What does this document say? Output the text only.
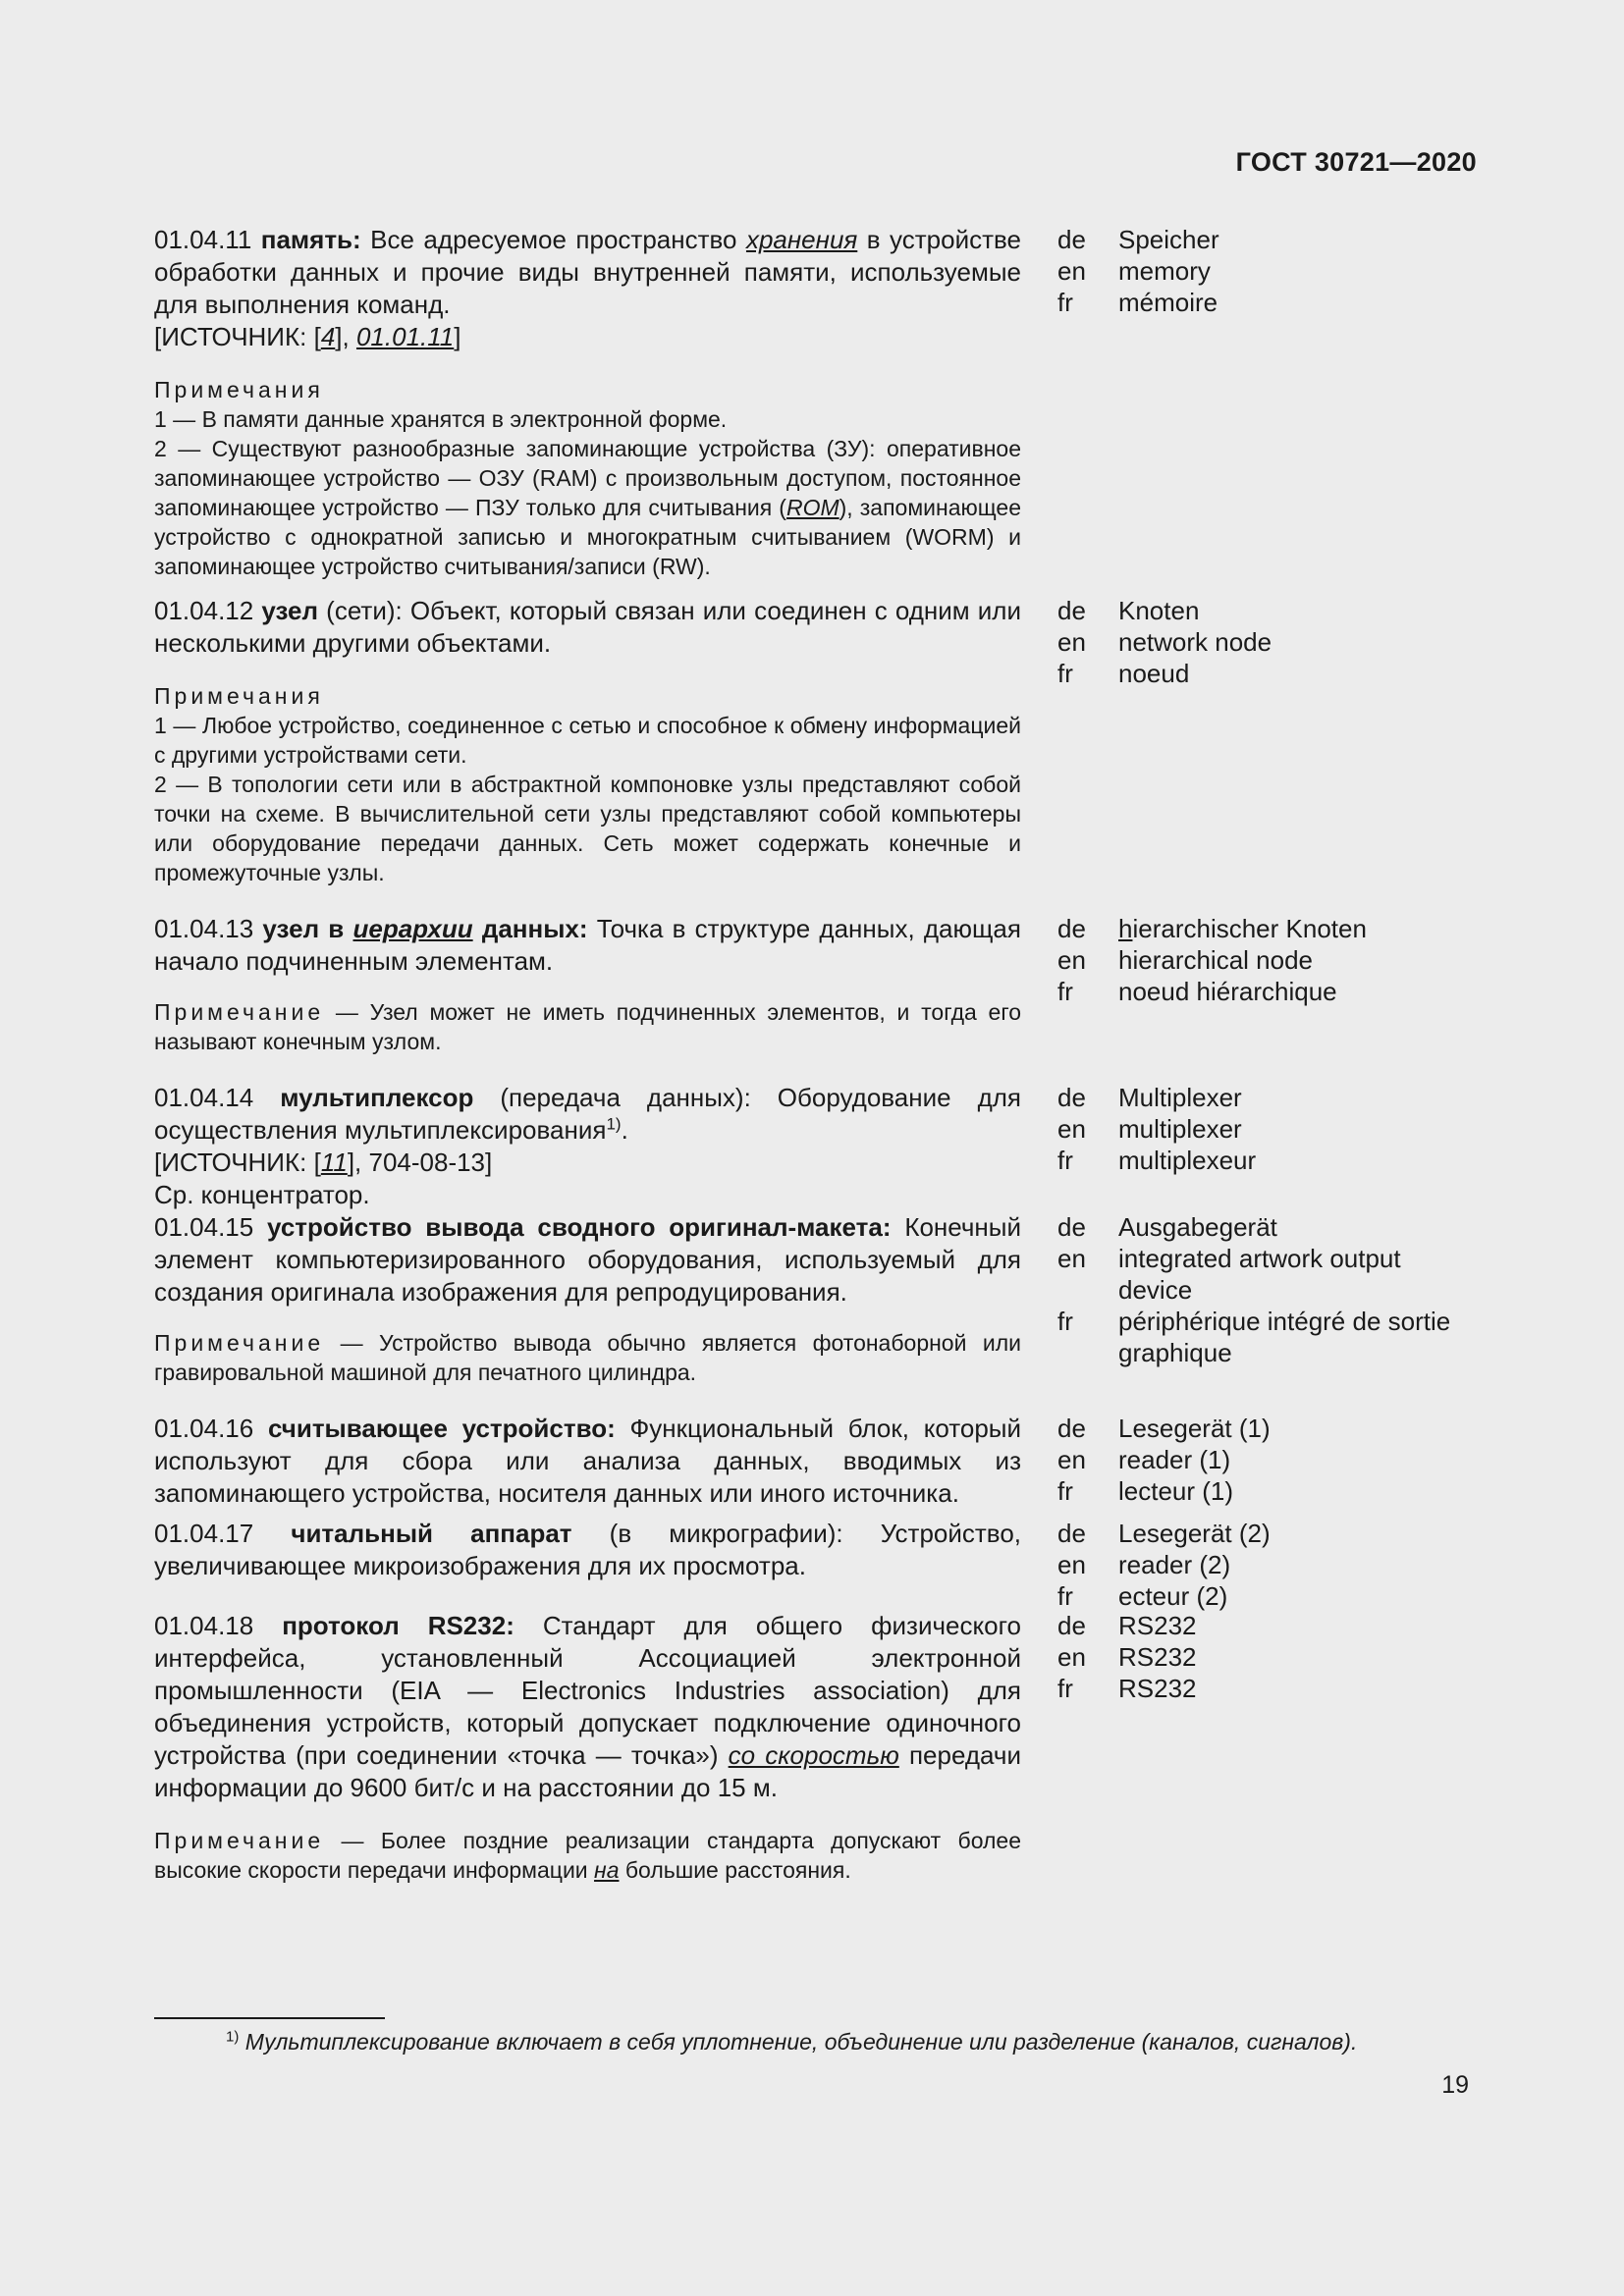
ГОСТ 30721—2020
01.04.11 память: Все адресуемое пространство хранения в устройстве обработки данных и прочие виды внутренней памяти, используемые для выполнения команд.
[ИСТОЧНИК: [4], 01.01.11]
Примечания
1 — В памяти данные хранятся в электронной форме.
2 — Существуют разнообразные запоминающие устройства (ЗУ): оперативное запоминающее устройство — ОЗУ (RAM) с произвольным доступом, постоянное запоминающее устройство — ПЗУ только для считывания (ROM), запоминающее устройство с однократной записью и многократным считыванием (WORM) и запоминающее устройство считывания/записи (RW).
de	Speicher
en	memory
fr	mémoire
01.04.12 узел (сети): Объект, который связан или соединен с одним или несколькими другими объектами.
Примечания
1 — Любое устройство, соединенное с сетью и способное к обмену информацией с другими устройствами сети.
2 — В топологии сети или в абстрактной компоновке узлы представляют собой точки на схеме. В вычислительной сети узлы представляют собой компьютеры или оборудование передачи данных. Сеть может содержать конечные и промежуточные узлы.
de	Knoten
en	network node
fr	noeud
01.04.13 узел в иерархии данных: Точка в структуре данных, дающая начало подчиненным элементам.
Примечание — Узел может не иметь подчиненных элементов, и тогда его называют конечным узлом.
de	hierarchischer Knoten
en	hierarchical node
fr	noeud hiérarchique
01.04.14 мультиплексор (передача данных): Оборудование для осуществления мультиплексирования$^{1)}$.
[ИСТОЧНИК: [11], 704-08-13]
Ср. концентратор.
de	Multiplexer
en	multiplexer
fr	multiplexeur
01.04.15 устройство вывода сводного оригинал-макета: Конечный элемент компьютеризированного оборудования, используемый для создания оригинала изображения для репродуцирования.
Примечание — Устройство вывода обычно является фотонаборной или гравировальной машиной для печатного цилиндра.
de	Ausgabegerät
en	integrated artwork output device
fr	périphérique intégré de sortie graphique
01.04.16 считывающее устройство: Функциональный блок, который используют для сбора или анализа данных, вводимых из запоминающего устройства, носителя данных или иного источника.
de	Lesegerät (1)
en	reader (1)
fr	lecteur (1)
01.04.17 читальный аппарат (в микрографии): Устройство, увеличивающее микроизображения для их просмотра.
de	Lesegerät (2)
en	reader (2)
fr	ecteur (2)
01.04.18 протокол RS232: Стандарт для общего физического интерфейса, установленный Ассоциацией электронной промышленности (EIA — Electronics Industries association) для объединения устройств, который допускает подключение одиночного устройства (при соединении «точка — точка») со скоростью передачи информации до 9600 бит/с и на расстоянии до 15 м.
Примечание — Более поздние реализации стандарта допускают более высокие скорости передачи информации на большие расстояния.
de	RS232
en	RS232
fr	RS232
$^{1)}$ Мультиплексирование включает в себя уплотнение, объединение или разделение (каналов, сигналов).
19
